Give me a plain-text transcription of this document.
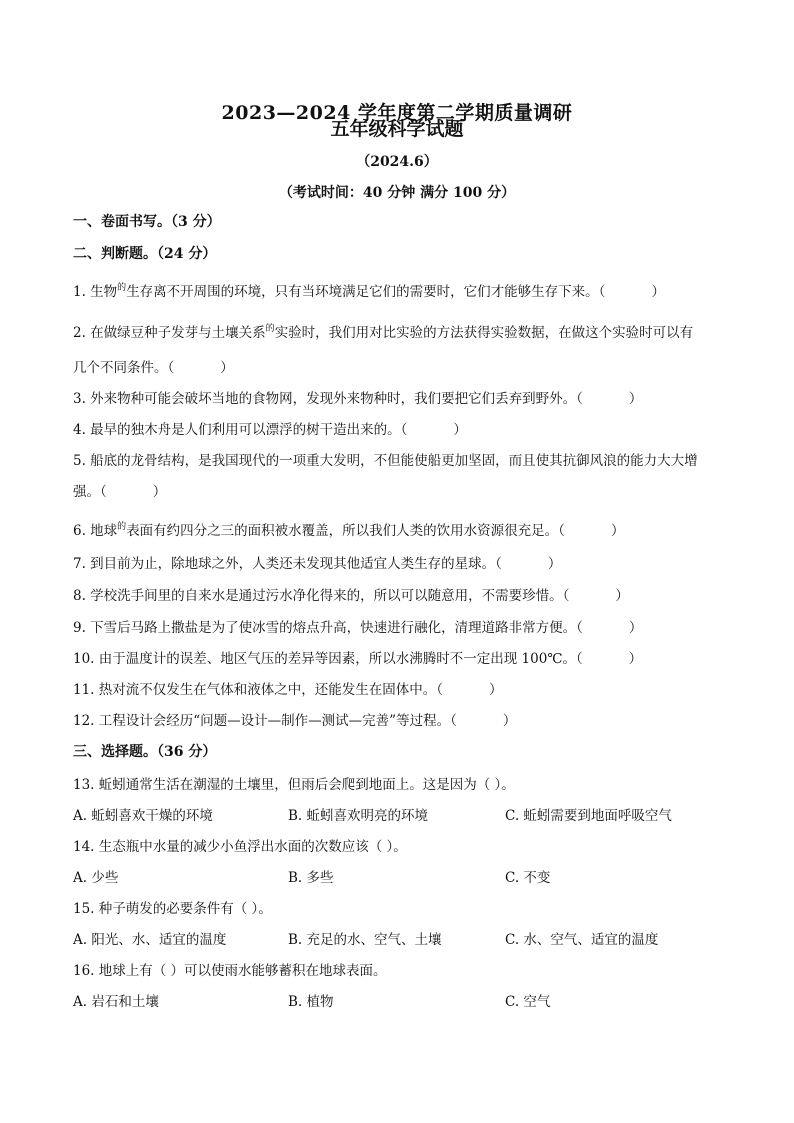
2023—2024 学年度第二学期质量调研
五年级科学试题
（2024.6）
（考试时间：40 分钟 满分 100 分）
一、卷面书写。（3 分）
二、判断题。（24 分）
1. 生物$^的$生存离不开周围的环境，只有当环境满足它们的需要时，它们才能够生存下来。（	）
2. 在做绿豆种子发芽与土壤关系$^的$实验时，我们用对比实验的方法获得实验数据，在做这个实验时可以有
几个不同条件。（	）
3. 外来物种可能会破坏当地的食物网，发现外来物种时，我们要把它们丢弃到野外。（	）
4. 最早的独木舟是人们利用可以漂浮的树干造出来的。（	）
5. 船底的龙骨结构，是我国现代的一项重大发明，不但能使船更加坚固，而且使其抗御风浪的能力大大增
强。（	）
6. 地球$^的$表面有约四分之三的面积被水覆盖，所以我们人类的饮用水资源很充足。（	）
7. 到目前为止，除地球之外，人类还未发现其他适宜人类生存的星球。（	）
8. 学校洗手间里的自来水是通过污水净化得来的，所以可以随意用，不需要珍惜。（	）
9. 下雪后马路上撒盐是为了使冰雪的熔点升高，快速进行融化，清理道路非常方便。（	）
10. 由于温度计的误差、地区气压的差异等因素，所以水沸腾时不一定出现 100℃。（	）
11. 热对流不仅发生在气体和液体之中，还能发生在固体中。（	）
12. 工程设计会经历“问题—设计—制作—测试—完善”等过程。（	）
三、选择题。（36 分）
13. 蚯蚓通常生活在潮湿的土壤里，但雨后会爬到地面上。这是因为（ ）。
A. 蚯蚓喜欢干燥的环境	B. 蚯蚓喜欢明亮的环境	C. 蚯蚓需要到地面呼吸空气
14. 生态瓶中水量的减少小鱼浮出水面的次数应该（ ）。
A. 少些	B. 多些	C. 不变
15. 种子萌发的必要条件有（ ）。
A. 阳光、水、适宜的温度	B. 充足的水、空气、土壤	C. 水、空气、适宜的温度
16. 地球上有（ ）可以使雨水能够蓄积在地球表面。
A. 岩石和土壤	B. 植物	C. 空气
